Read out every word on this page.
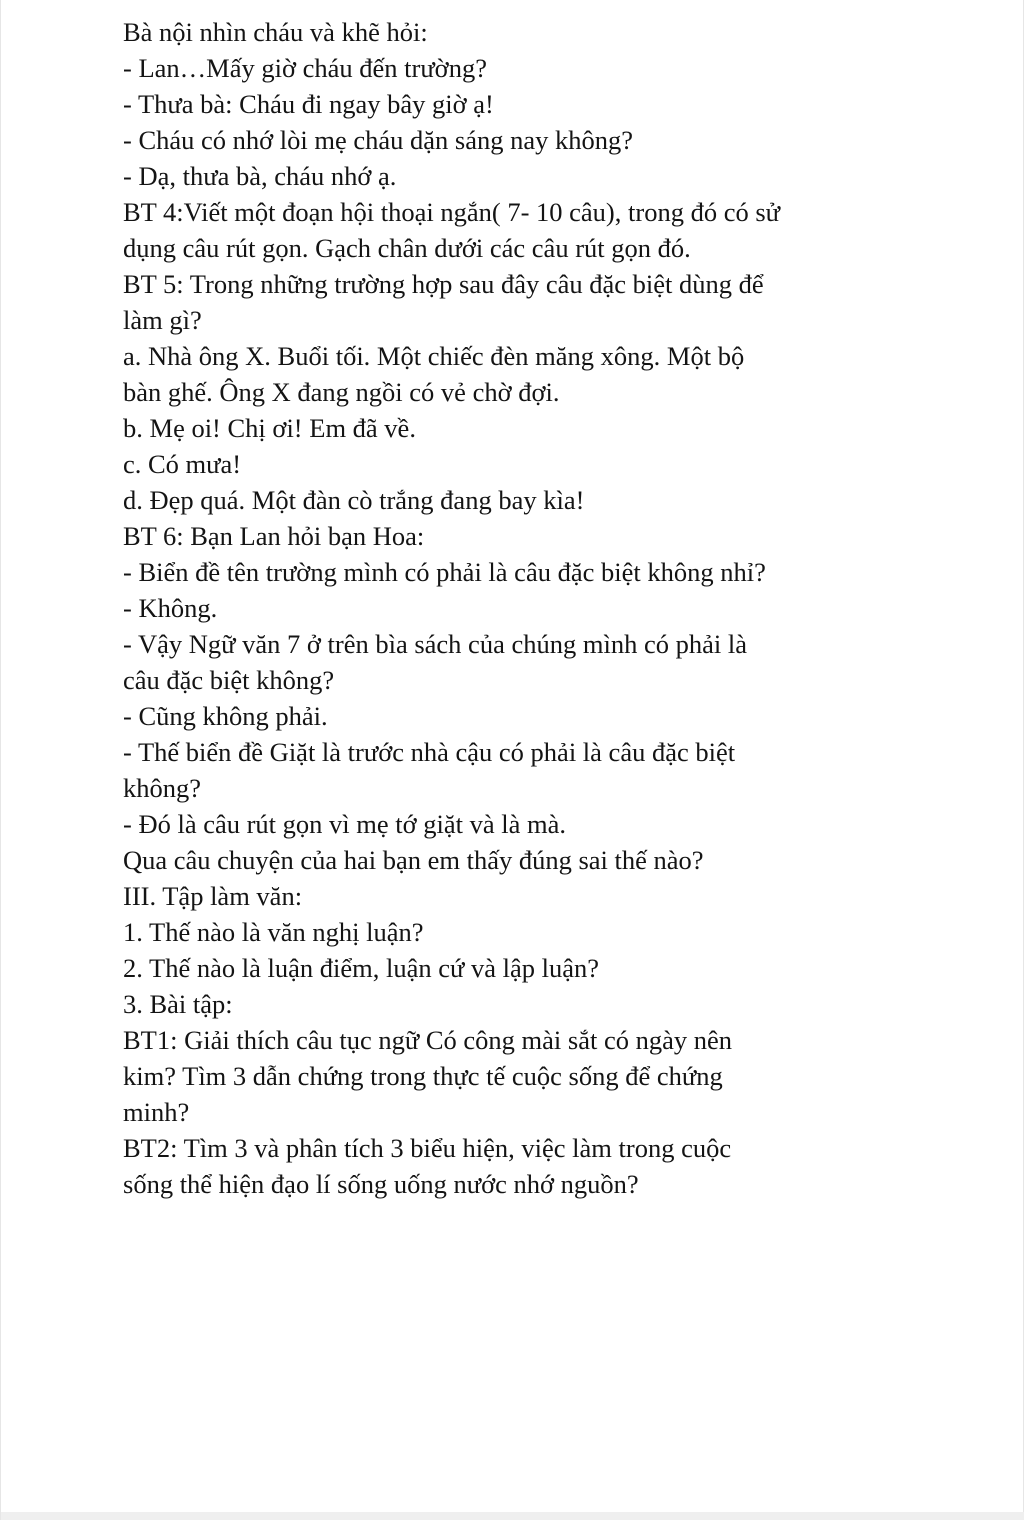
Bà nội nhìn cháu và khẽ hỏi:
- Lan…Mấy giờ cháu đến trường?
- Thưa bà: Cháu đi ngay bây giờ ạ!
- Cháu có nhớ lòi mẹ cháu dặn sáng nay không?
- Dạ, thưa bà, cháu nhớ ạ.
BT 4:Viết một đoạn hội thoại ngắn( 7- 10 câu), trong đó có sử
dụng câu rút gọn. Gạch chân dưới các câu rút gọn đó.
BT 5: Trong những trường hợp sau đây câu đặc biệt dùng để
làm gì?
a. Nhà ông X. Buổi tối. Một chiếc đèn măng xông. Một bộ
bàn ghế. Ông X đang ngồi có vẻ chờ đợi.
b. Mẹ oi! Chị ơi! Em đã về.
c. Có mưa!
d. Đẹp quá. Một đàn cò trắng đang bay kìa!
BT 6: Bạn Lan hỏi bạn Hoa:
- Biển đề tên trường mình có phải là câu đặc biệt không nhỉ?
- Không.
- Vậy Ngữ văn 7 ở trên bìa sách của chúng mình có phải là
câu đặc biệt không?
- Cũng không phải.
- Thế biển đề Giặt là trước nhà cậu có phải là câu đặc biệt
không?
- Đó là câu rút gọn vì mẹ tớ giặt và là mà.
Qua câu chuyện của hai bạn em thấy đúng sai thế nào?
III. Tập làm văn:
1. Thế nào là văn nghị luận?
2. Thế nào là luận điểm, luận cứ và lập luận?
3. Bài tập:
BT1: Giải thích câu tục ngữ Có công mài sắt có ngày nên
kim? Tìm 3 dẫn chứng trong thực tế cuộc sống để chứng
minh?
BT2: Tìm 3 và phân tích 3 biểu hiện, việc làm trong cuộc
sống thể hiện đạo lí sống uống nước nhớ nguồn?
